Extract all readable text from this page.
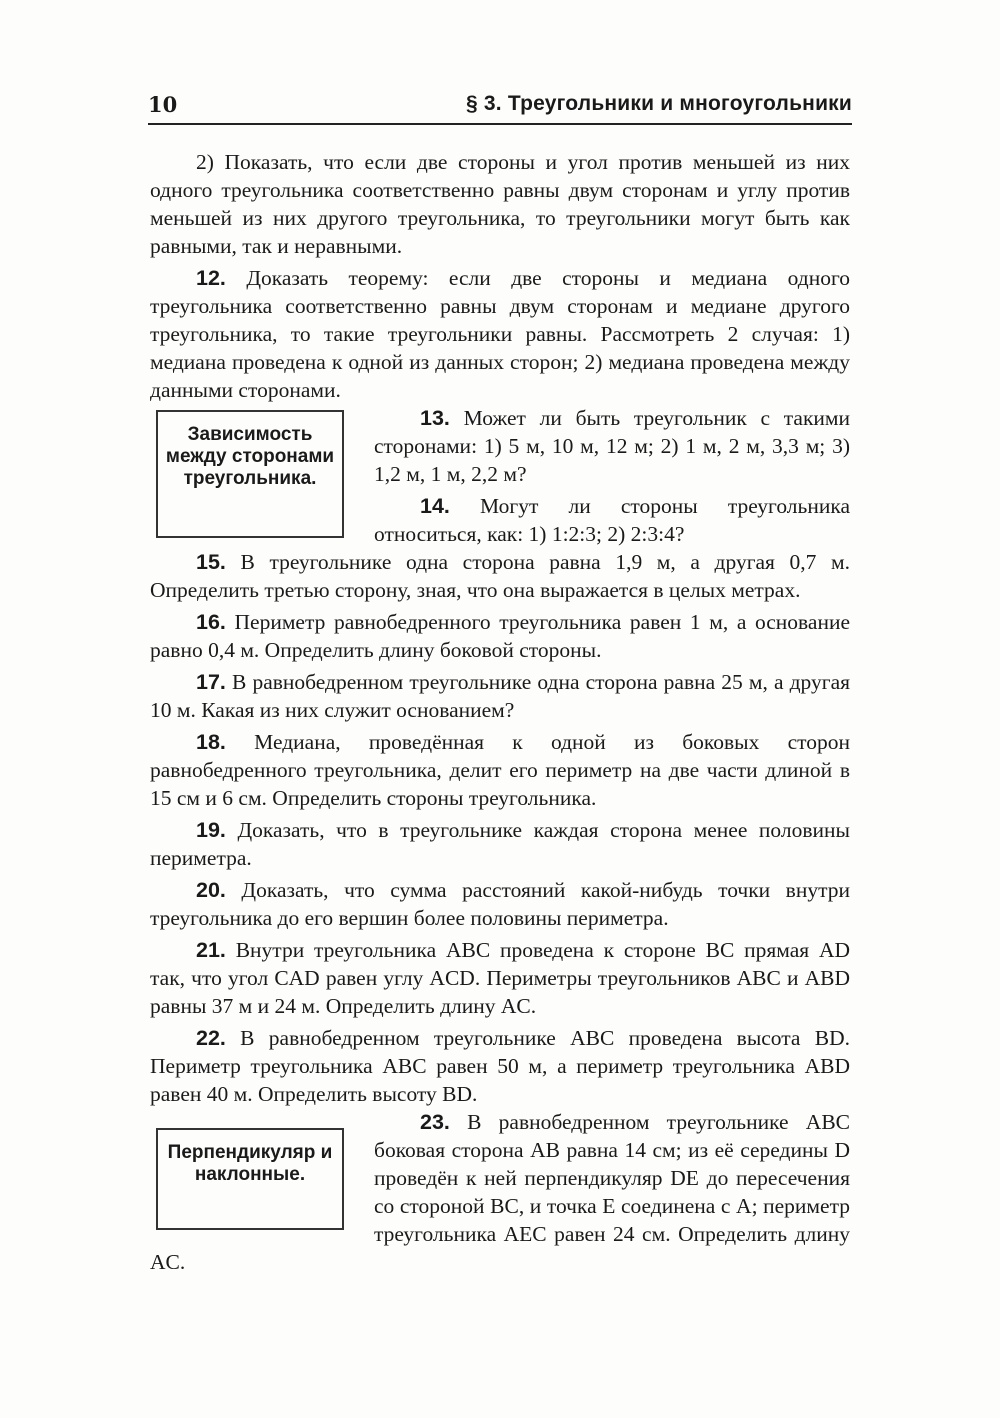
10	§ 3. Треугольники и многоугольники

2) Показать, что если две стороны и угол против меньшей из них одного треугольника соответственно равны двум сторонам и углу против меньшей из них другого треугольника, то треугольники могут быть как равными, так и неравными.

12. Доказать теорему: если две стороны и медиана одного треугольника соответственно равны двум сторонам и медиане другого треугольника, то такие треугольники равны. Рассмотреть 2 случая: 1) медиана проведена к одной из данных сторон; 2) медиана проведена между данными сторонами.

Зависимость между сторонами треугольника.

13. Может ли быть треугольник с такими сторонами: 1) 5 м, 10 м, 12 м; 2) 1 м, 2 м, 3,3 м; 3) 1,2 м, 1 м, 2,2 м?

14. Могут ли стороны треугольника относиться, как: 1) 1:2:3; 2) 2:3:4?

15. В треугольнике одна сторона равна 1,9 м, а другая 0,7 м. Определить третью сторону, зная, что она выражается в целых метрах.

16. Периметр равнобедренного треугольника равен 1 м, а основание равно 0,4 м. Определить длину боковой стороны.

17. В равнобедренном треугольнике одна сторона равна 25 м, а другая 10 м. Какая из них служит основанием?

18. Медиана, проведённая к одной из боковых сторон равнобедренного треугольника, делит его периметр на две части длиной в 15 см и 6 см. Определить стороны треугольника.

19. Доказать, что в треугольнике каждая сторона менее половины периметра.

20. Доказать, что сумма расстояний какой-нибудь точки внутри треугольника до его вершин более половины периметра.

21. Внутри треугольника ABC проведена к стороне BC прямая AD так, что угол CAD равен углу ACD. Периметры треугольников ABC и ABD равны 37 м и 24 м. Определить длину AC.

22. В равнобедренном треугольнике ABC проведена высота BD. Периметр треугольника ABC равен 50 м, а периметр треугольника ABD равен 40 м. Определить высоту BD.

Перпендикуляр и наклонные.

23. В равнобедренном треугольнике ABC боковая сторона AB равна 14 см; из её середины D проведён к ней перпендикуляр DE до пересечения со стороной BC, и точка E соединена с A; периметр треугольника AEC равен 24 см. Определить длину AC.
